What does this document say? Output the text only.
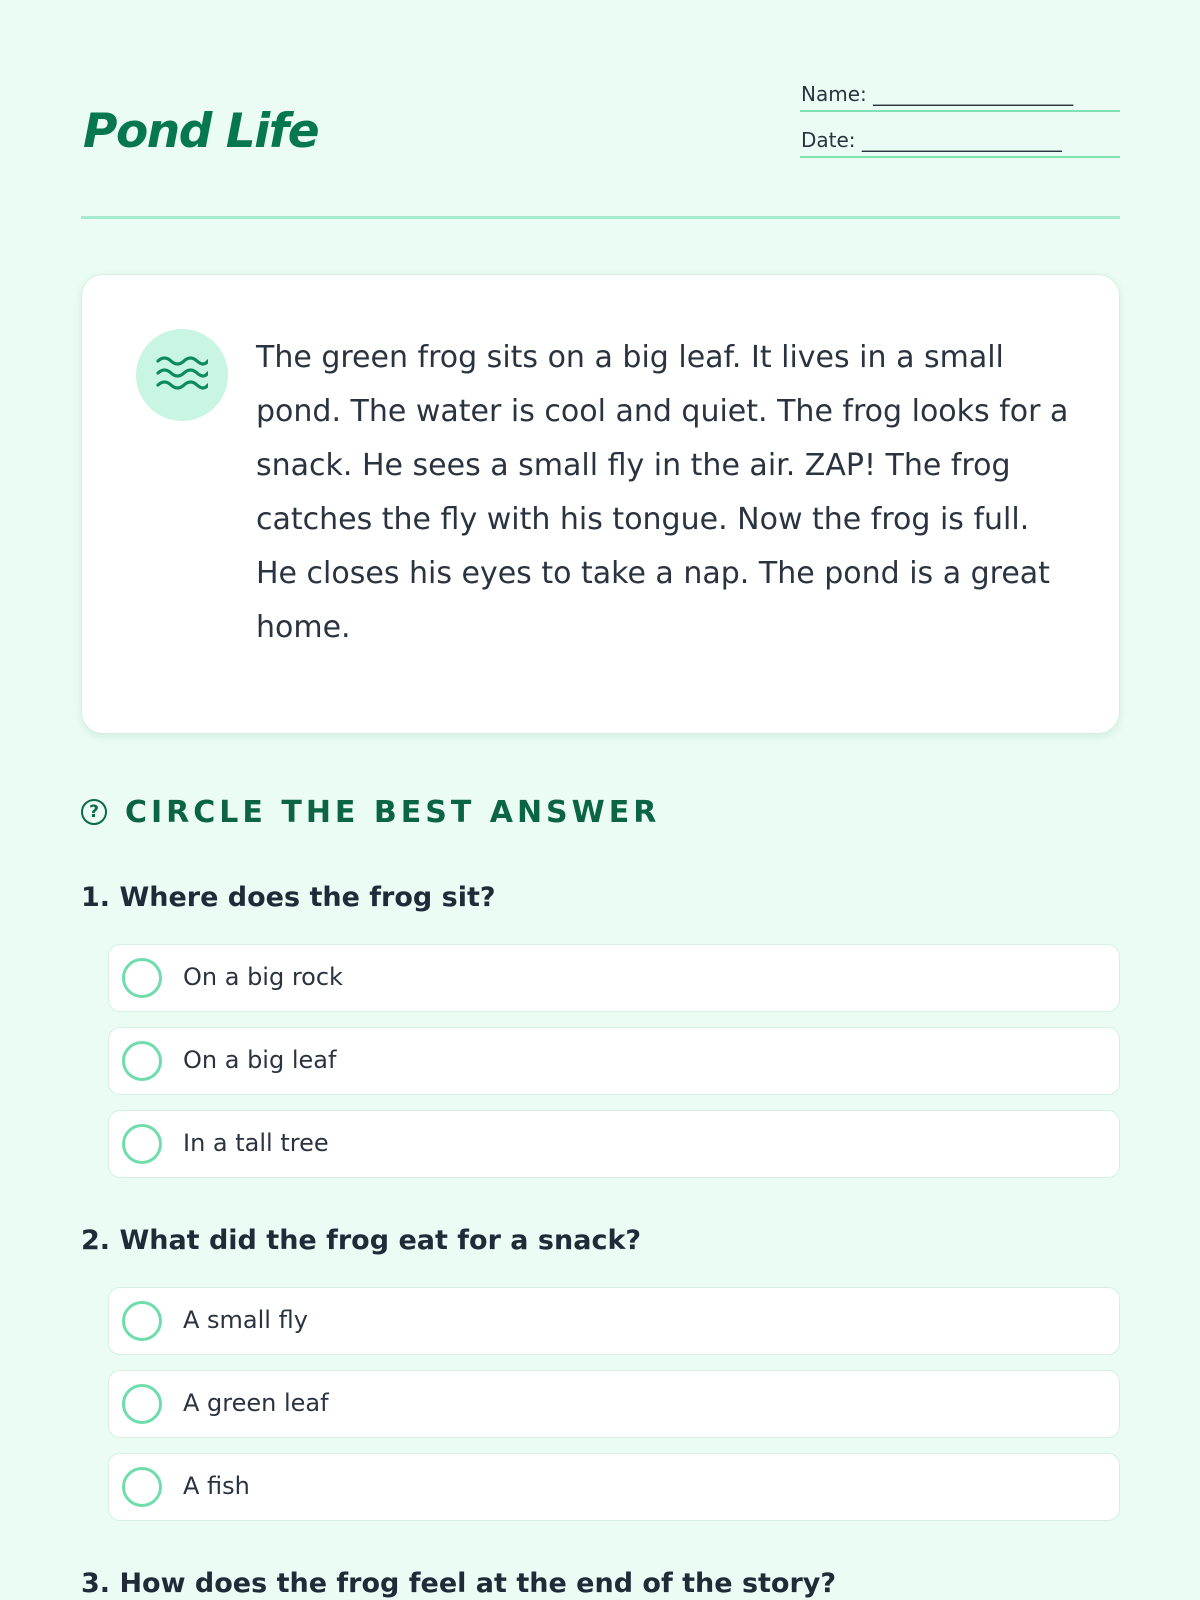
Pond Life
Name: ____________________
Date: ____________________

The green frog sits on a big leaf. It lives in a small pond. The water is cool and quiet. The frog looks for a snack. He sees a small fly in the air. ZAP! The frog catches the fly with his tongue. Now the frog is full. He closes his eyes to take a nap. The pond is a great home.

? CIRCLE THE BEST ANSWER

1. Where does the frog sit?

On a big rock
On a big leaf
In a tall tree

2. What did the frog eat for a snack?

A small fly
A green leaf
A fish

3. How does the frog feel at the end of the story?
